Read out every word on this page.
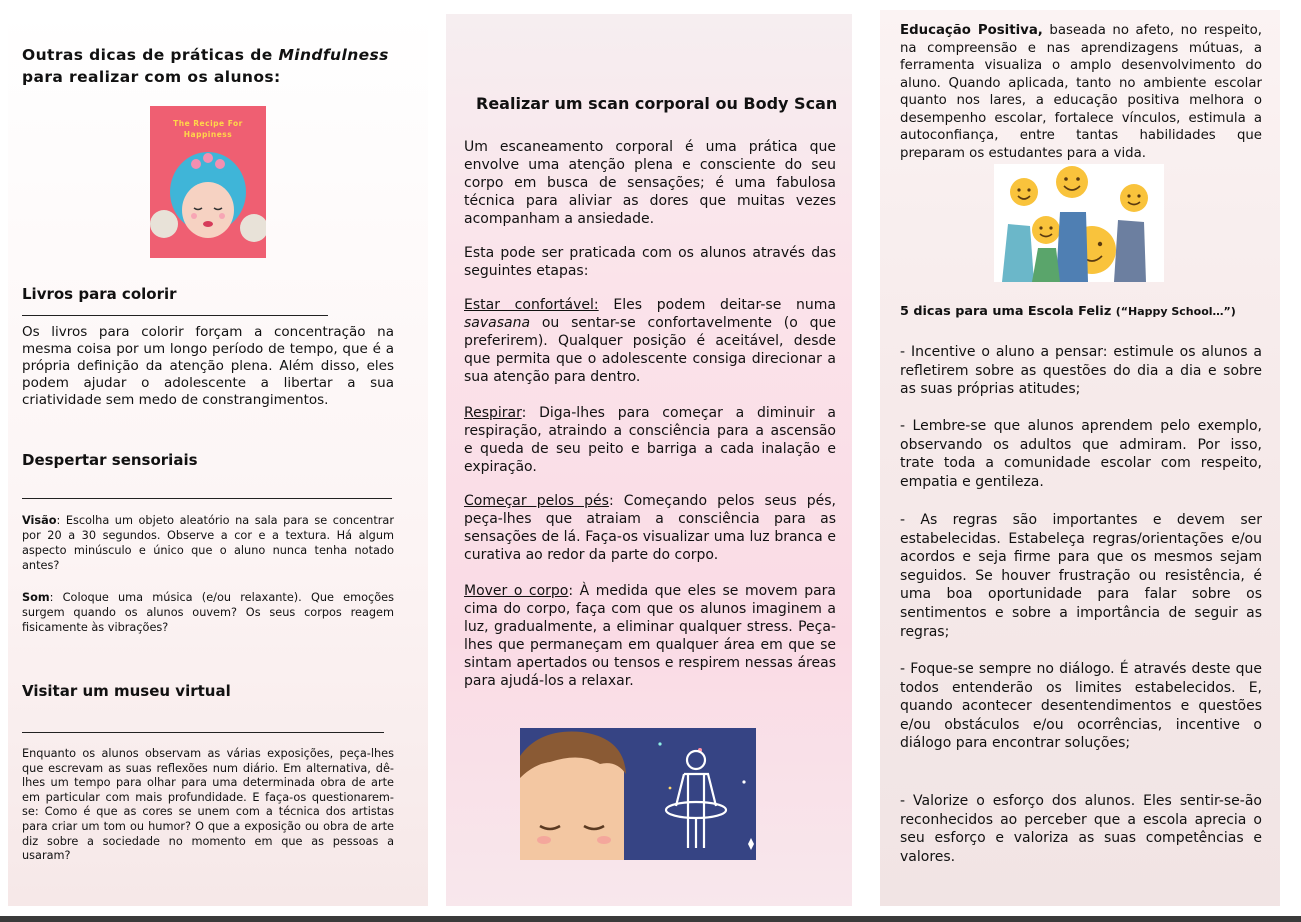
Outras dicas de práticas de Mindfulness
para realizar com os alunos:
The Recipe For Happiness
Livros para colorir
Os livros para colorir forçam a concentração na mesma coisa por um longo período de tempo, que é a própria definição da atenção plena. Além disso, eles podem ajudar o adolescente a libertar a sua criatividade sem medo de constrangimentos.
Despertar sensoriais
Visão: Escolha um objeto aleatório na sala para se concentrar por 20 a 30 segundos. Observe a cor e a textura. Há algum aspecto minúsculo e único que o aluno nunca tenha notado antes?
Som: Coloque uma música (e/ou relaxante). Que emoções surgem quando os alunos ouvem? Os seus corpos reagem fisicamente às vibrações?
Visitar um museu virtual
Enquanto os alunos observam as várias exposições, peça-lhes que escrevam as suas reflexões num diário. Em alternativa, dê-lhes um tempo para olhar para uma determinada obra de arte em particular com mais profundidade. E faça-os questionarem-se: Como é que as cores se unem com a técnica dos artistas para criar um tom ou humor? O que a exposição ou obra de arte diz sobre a sociedade no momento em que as pessoas a usaram?
Realizar um scan corporal ou Body Scan
Um escaneamento corporal é uma prática que envolve uma atenção plena e consciente do seu corpo em busca de sensações; é uma fabulosa técnica para aliviar as dores que muitas vezes acompanham a ansiedade.
Esta pode ser praticada com os alunos através das seguintes etapas:
Estar confortável: Eles podem deitar-se numa savasana ou sentar-se confortavelmente (o que preferirem). Qualquer posição é aceitável, desde que permita que o adolescente consiga direcionar a sua atenção para dentro.
Respirar: Diga-lhes para começar a diminuir a respiração, atraindo a consciência para a ascensão e queda de seu peito e barriga a cada inalação e expiração.
Começar pelos pés: Começando pelos seus pés, peça-lhes que atraiam a consciência para as sensações de lá. Faça-os visualizar uma luz branca e curativa ao redor da parte do corpo.
Mover o corpo: À medida que eles se movem para cima do corpo, faça com que os alunos imaginem a luz, gradualmente, a eliminar qualquer stress. Peça-lhes que permaneçam em qualquer área em que se sintam apertados ou tensos e respirem nessas áreas para ajudá-los a relaxar.
Educação Positiva, baseada no afeto, no respeito, na compreensão e nas aprendizagens mútuas, a ferramenta visualiza o amplo desenvolvimento do aluno. Quando aplicada, tanto no ambiente escolar quanto nos lares, a educação positiva melhora o desempenho escolar, fortalece vínculos, estimula a autoconfiança, entre tantas habilidades que preparam os estudantes para a vida.
5 dicas para uma Escola Feliz (“Happy School…”)
- Incentive o aluno a pensar: estimule os alunos a refletirem sobre as questões do dia a dia e sobre as suas próprias atitudes;
- Lembre-se que alunos aprendem pelo exemplo, observando os adultos que admiram. Por isso, trate toda a comunidade escolar com respeito, empatia e gentileza.
- As regras são importantes e devem ser estabelecidas. Estabeleça regras/orientações e/ou acordos e seja firme para que os mesmos sejam seguidos. Se houver frustração ou resistência, é uma boa oportunidade para falar sobre os sentimentos e sobre a importância de seguir as regras;
- Foque-se sempre no diálogo. É através deste que todos entenderão os limites estabelecidos. E, quando acontecer desentendimentos e questões e/ou obstáculos e/ou ocorrências, incentive o diálogo para encontrar soluções;
- Valorize o esforço dos alunos. Eles sentir-se-ão reconhecidos ao perceber que a escola aprecia o seu esforço e valoriza as suas competências e valores.
